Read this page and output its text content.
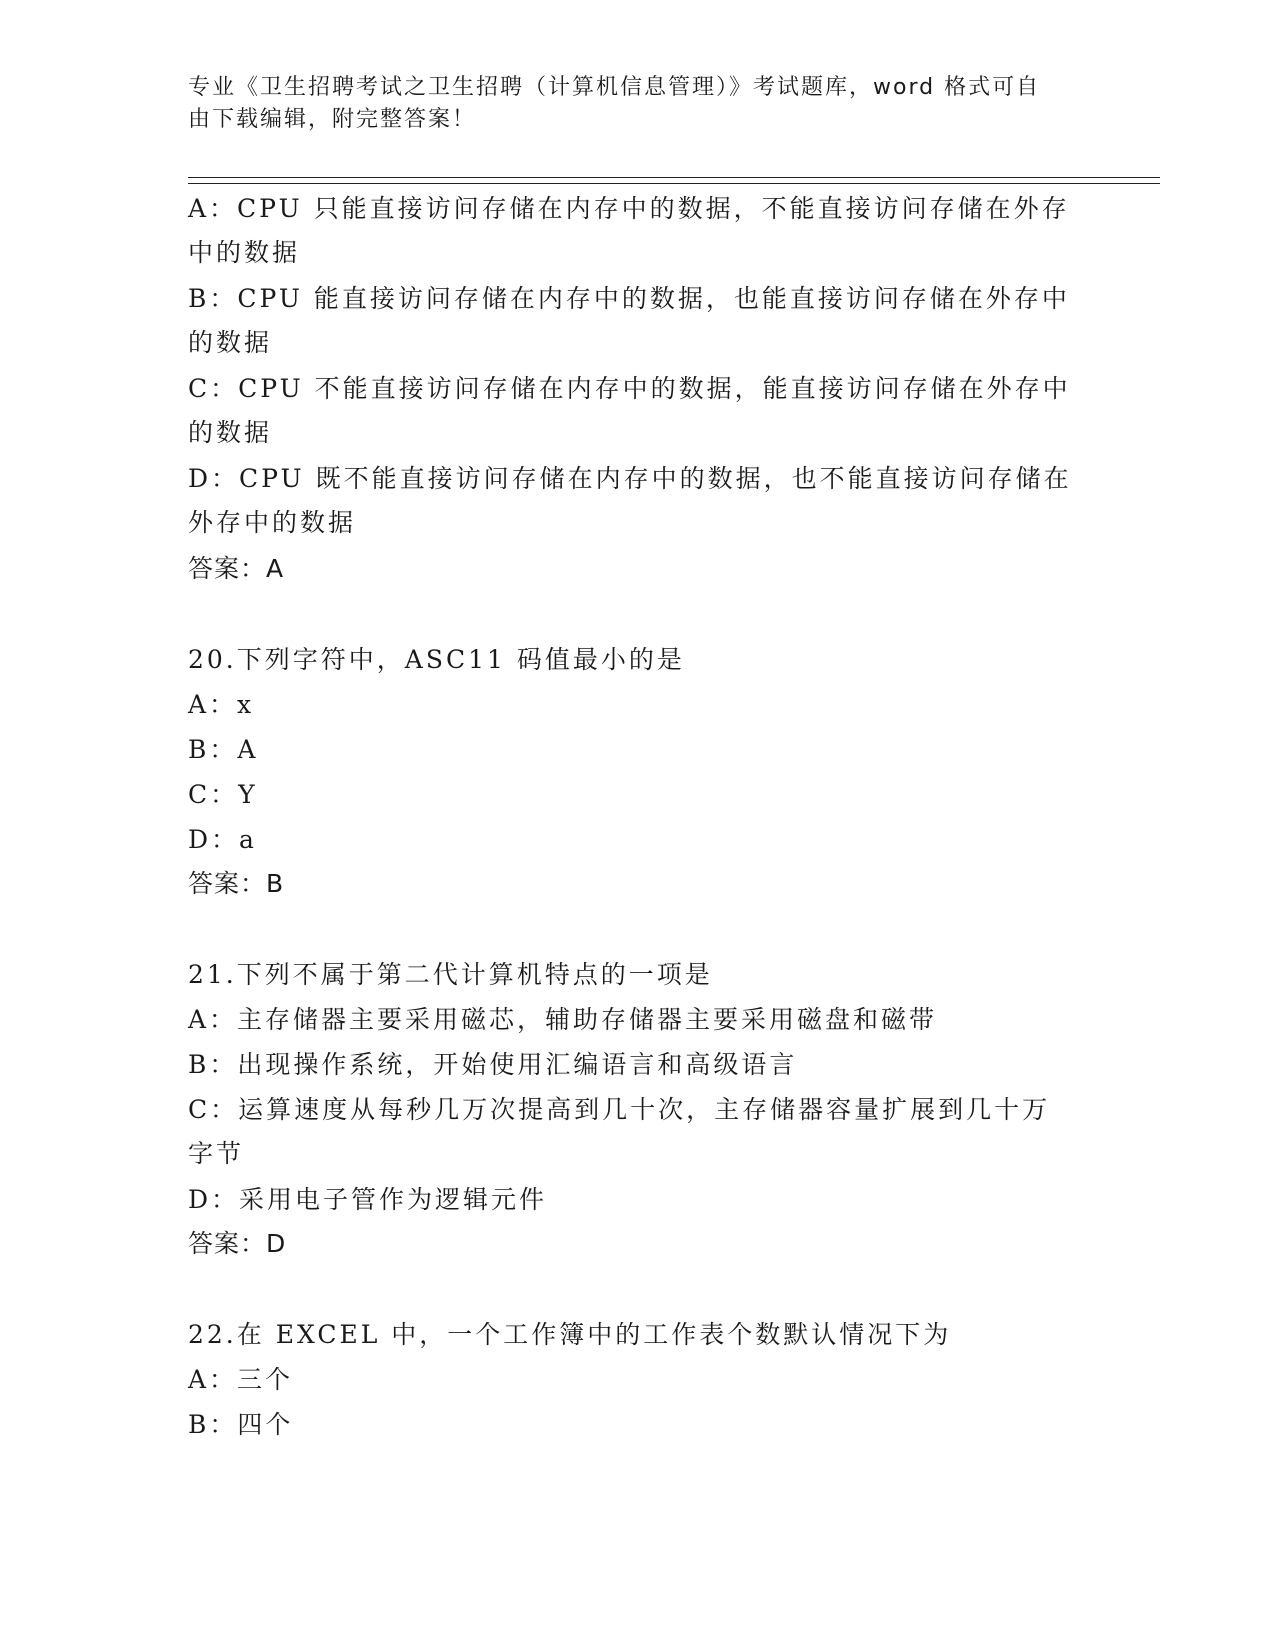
专业《卫生招聘考试之卫生招聘（计算机信息管理）》考试题库，word 格式可自
由下载编辑，附完整答案！
A：CPU 只能直接访问存储在内存中的数据，不能直接访问存储在外存
中的数据
B：CPU 能直接访问存储在内存中的数据，也能直接访问存储在外存中
的数据
C：CPU 不能直接访问存储在内存中的数据，能直接访问存储在外存中
的数据
D：CPU 既不能直接访问存储在内存中的数据，也不能直接访问存储在
外存中的数据
答案：A
20.下列字符中，ASC11 码值最小的是
A：x
B：A
C：Y
D：a
答案：B
21.下列不属于第二代计算机特点的一项是
A：主存储器主要采用磁芯，辅助存储器主要采用磁盘和磁带
B：出现操作系统，开始使用汇编语言和高级语言
C：运算速度从每秒几万次提高到几十次，主存储器容量扩展到几十万
字节
D：采用电子管作为逻辑元件
答案：D
22.在 EXCEL 中，一个工作簿中的工作表个数默认情况下为
A：三个
B：四个
